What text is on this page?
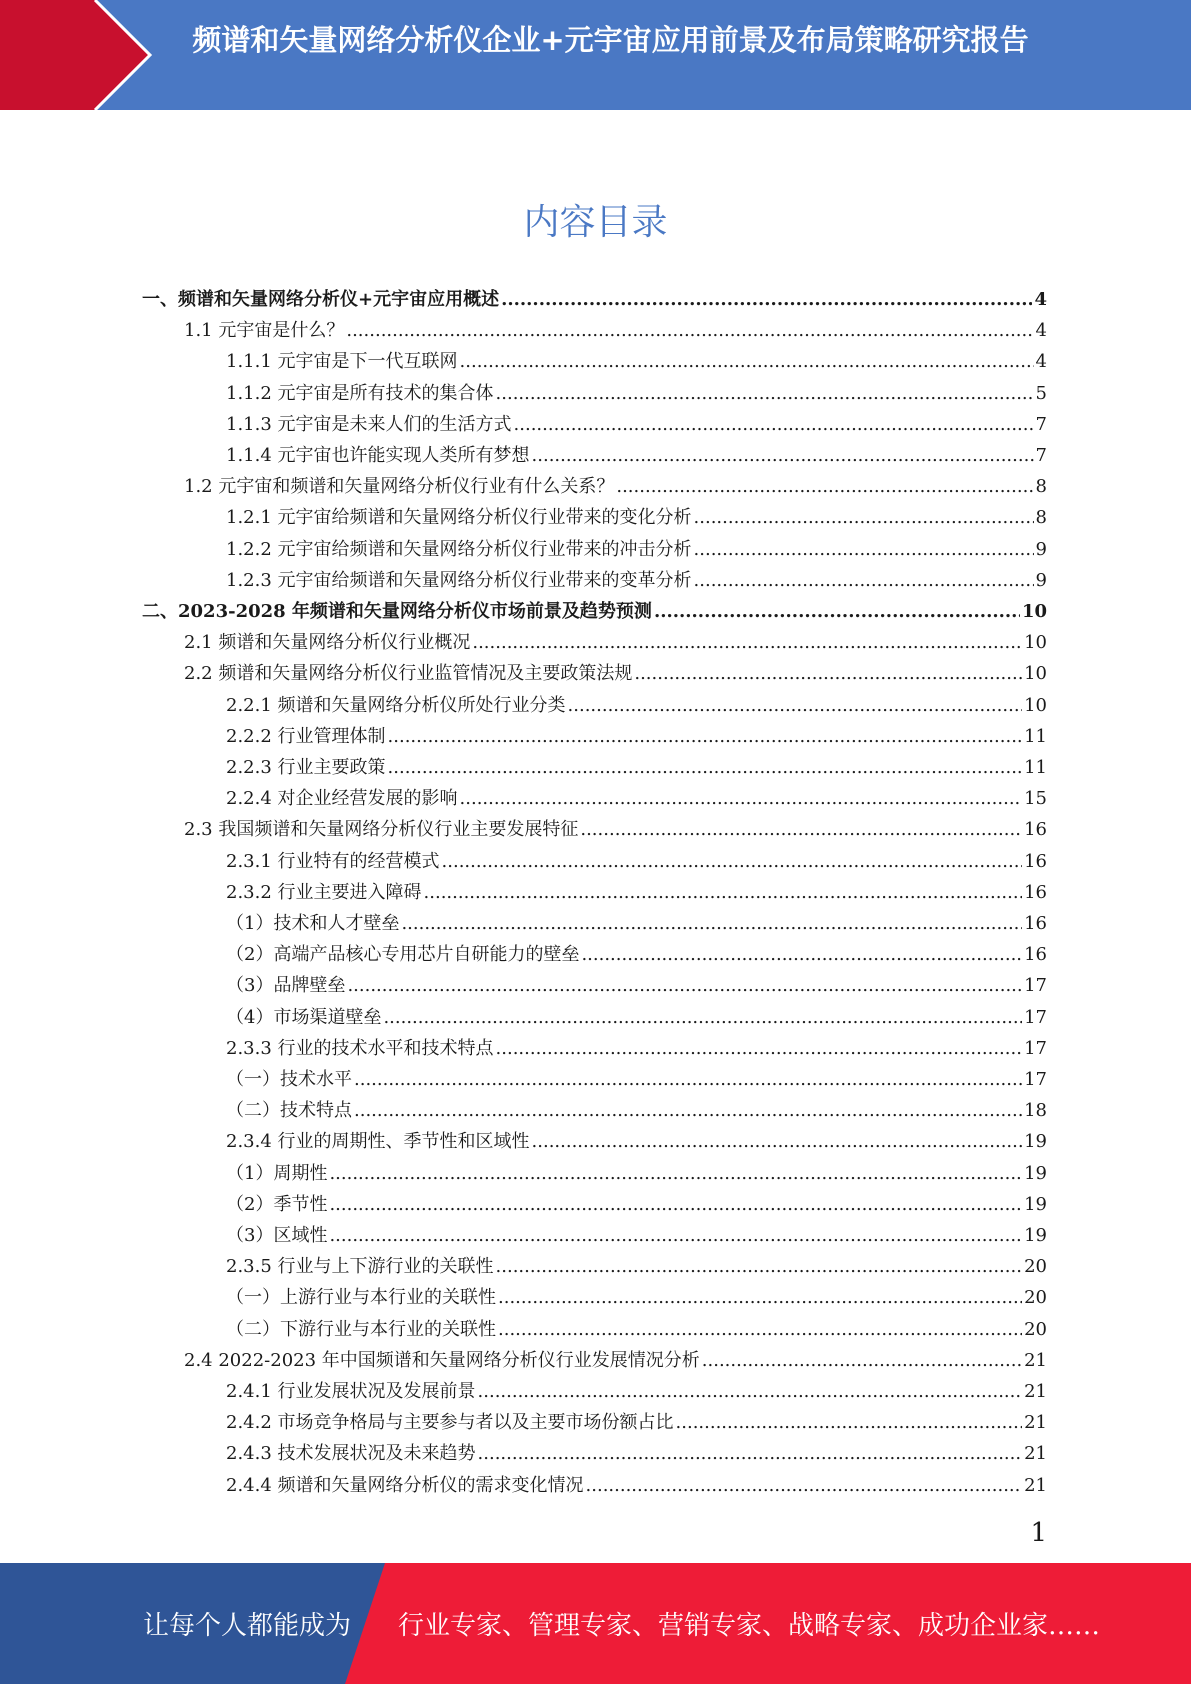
频谱和矢量网络分析仪企业+元宇宙应用前景及布局策略研究报告
内容目录
一、频谱和矢量网络分析仪+元宇宙应用概述 .....	4
1.1 元宇宙是什么？ .....	4
1.1.1 元宇宙是下一代互联网 .....	4
1.1.2 元宇宙是所有技术的集合体 .....	5
1.1.3 元宇宙是未来人们的生活方式 .....	7
1.1.4 元宇宙也许能实现人类所有梦想 .....	7
1.2 元宇宙和频谱和矢量网络分析仪行业有什么关系？ .....	8
1.2.1 元宇宙给频谱和矢量网络分析仪行业带来的变化分析 .....	8
1.2.2 元宇宙给频谱和矢量网络分析仪行业带来的冲击分析 .....	9
1.2.3 元宇宙给频谱和矢量网络分析仪行业带来的变革分析 .....	9
二、2023-2028 年频谱和矢量网络分析仪市场前景及趋势预测 .....	10
2.1 频谱和矢量网络分析仪行业概况 .....	10
2.2 频谱和矢量网络分析仪行业监管情况及主要政策法规 .....	10
2.2.1 频谱和矢量网络分析仪所处行业分类 .....	10
2.2.2 行业管理体制 .....	11
2.2.3 行业主要政策 .....	11
2.2.4 对企业经营发展的影响 .....	15
2.3 我国频谱和矢量网络分析仪行业主要发展特征 .....	16
2.3.1 行业特有的经营模式 .....	16
2.3.2 行业主要进入障碍 .....	16
（1）技术和人才壁垒 .....	16
（2）高端产品核心专用芯片自研能力的壁垒 .....	16
（3）品牌壁垒 .....	17
（4）市场渠道壁垒 .....	17
2.3.3 行业的技术水平和技术特点 .....	17
（一）技术水平 .....	17
（二）技术特点 .....	18
2.3.4 行业的周期性、季节性和区域性 .....	19
（1）周期性 .....	19
（2）季节性 .....	19
（3）区域性 .....	19
2.3.5 行业与上下游行业的关联性 .....	20
（一）上游行业与本行业的关联性 .....	20
（二）下游行业与本行业的关联性 .....	20
2.4 2022-2023 年中国频谱和矢量网络分析仪行业发展情况分析 .....	21
2.4.1 行业发展状况及发展前景 .....	21
2.4.2 市场竞争格局与主要参与者以及主要市场份额占比 .....	21
2.4.3 技术发展状况及未来趋势 .....	21
2.4.4 频谱和矢量网络分析仪的需求变化情况 .....	21
1
让每个人都能成为 行业专家、管理专家、营销专家、战略专家、成功企业家……
